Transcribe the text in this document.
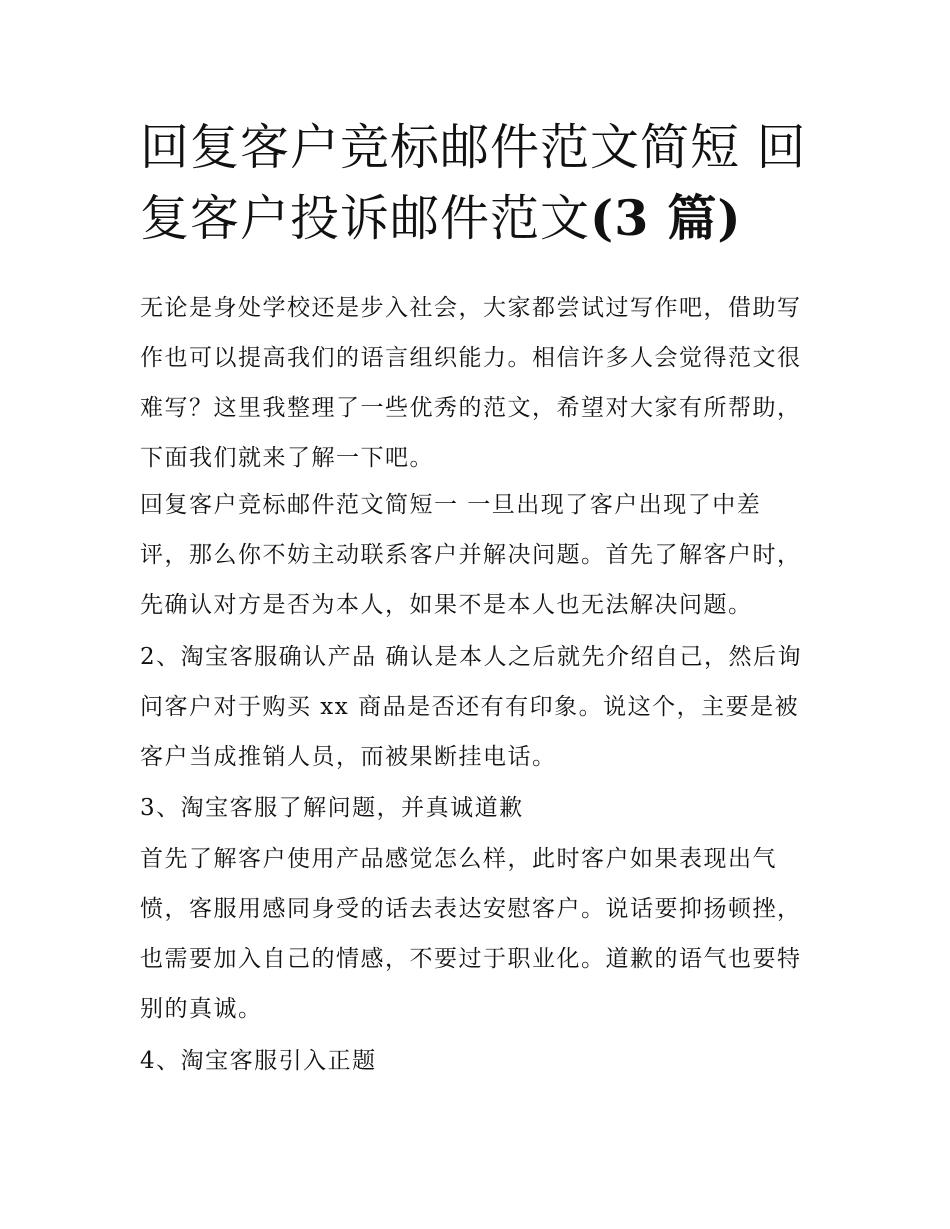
回复客户竞标邮件范文简短 回
复客户投诉邮件范文(3 篇)
无论是身处学校还是步入社会，大家都尝试过写作吧，借助写
作也可以提高我们的语言组织能力。相信许多人会觉得范文很
难写？这里我整理了一些优秀的范文，希望对大家有所帮助，
下面我们就来了解一下吧。
回复客户竞标邮件范文简短一 一旦出现了客户出现了中差
评，那么你不妨主动联系客户并解决问题。首先了解客户时，
先确认对方是否为本人，如果不是本人也无法解决问题。
2、淘宝客服确认产品 确认是本人之后就先介绍自己，然后询
问客户对于购买 xx 商品是否还有有印象。说这个，主要是被
客户当成推销人员，而被果断挂电话。
3、淘宝客服了解问题，并真诚道歉
首先了解客户使用产品感觉怎么样，此时客户如果表现出气
愤，客服用感同身受的话去表达安慰客户。说话要抑扬顿挫，
也需要加入自己的情感，不要过于职业化。道歉的语气也要特
别的真诚。
4、淘宝客服引入正题
